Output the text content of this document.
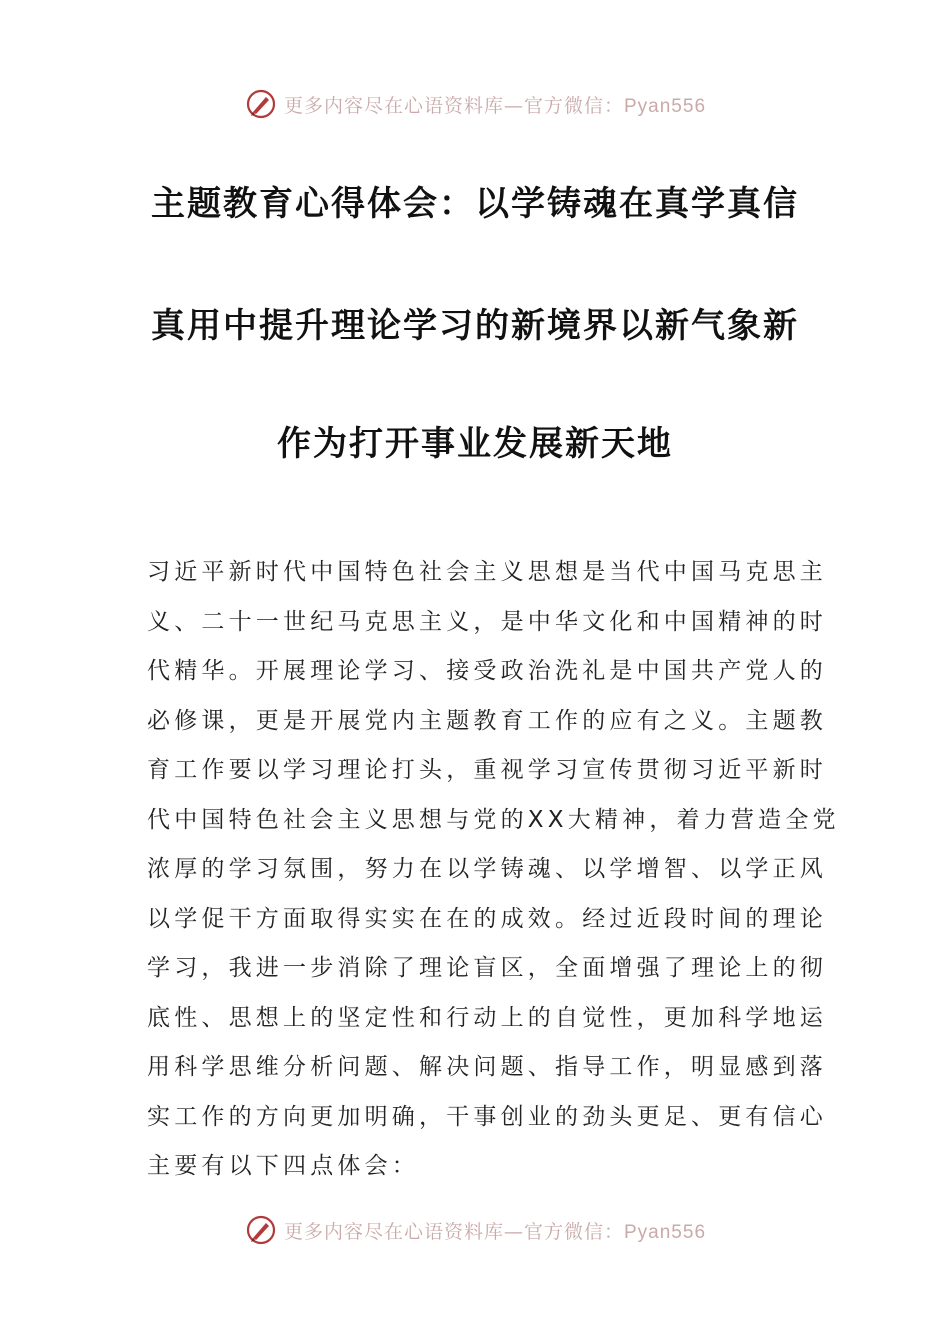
更多内容尽在心语资料库—官方微信：Pyan556
主题教育心得体会：以学铸魂在真学真信
真用中提升理论学习的新境界以新气象新
作为打开事业发展新天地
习近平新时代中国特色社会主义思想是当代中国马克思主
义、二十一世纪马克思主义，是中华文化和中国精神的时
代精华。开展理论学习、接受政治洗礼是中国共产党人的
必修课，更是开展党内主题教育工作的应有之义。主题教
育工作要以学习理论打头，重视学习宣传贯彻习近平新时
代中国特色社会主义思想与党的XX大精神，着力营造全党
浓厚的学习氛围，努力在以学铸魂、以学增智、以学正风
以学促干方面取得实实在在的成效。经过近段时间的理论
学习，我进一步消除了理论盲区，全面增强了理论上的彻
底性、思想上的坚定性和行动上的自觉性，更加科学地运
用科学思维分析问题、解决问题、指导工作，明显感到落
实工作的方向更加明确，干事创业的劲头更足、更有信心
主要有以下四点体会：
更多内容尽在心语资料库—官方微信：Pyan556
